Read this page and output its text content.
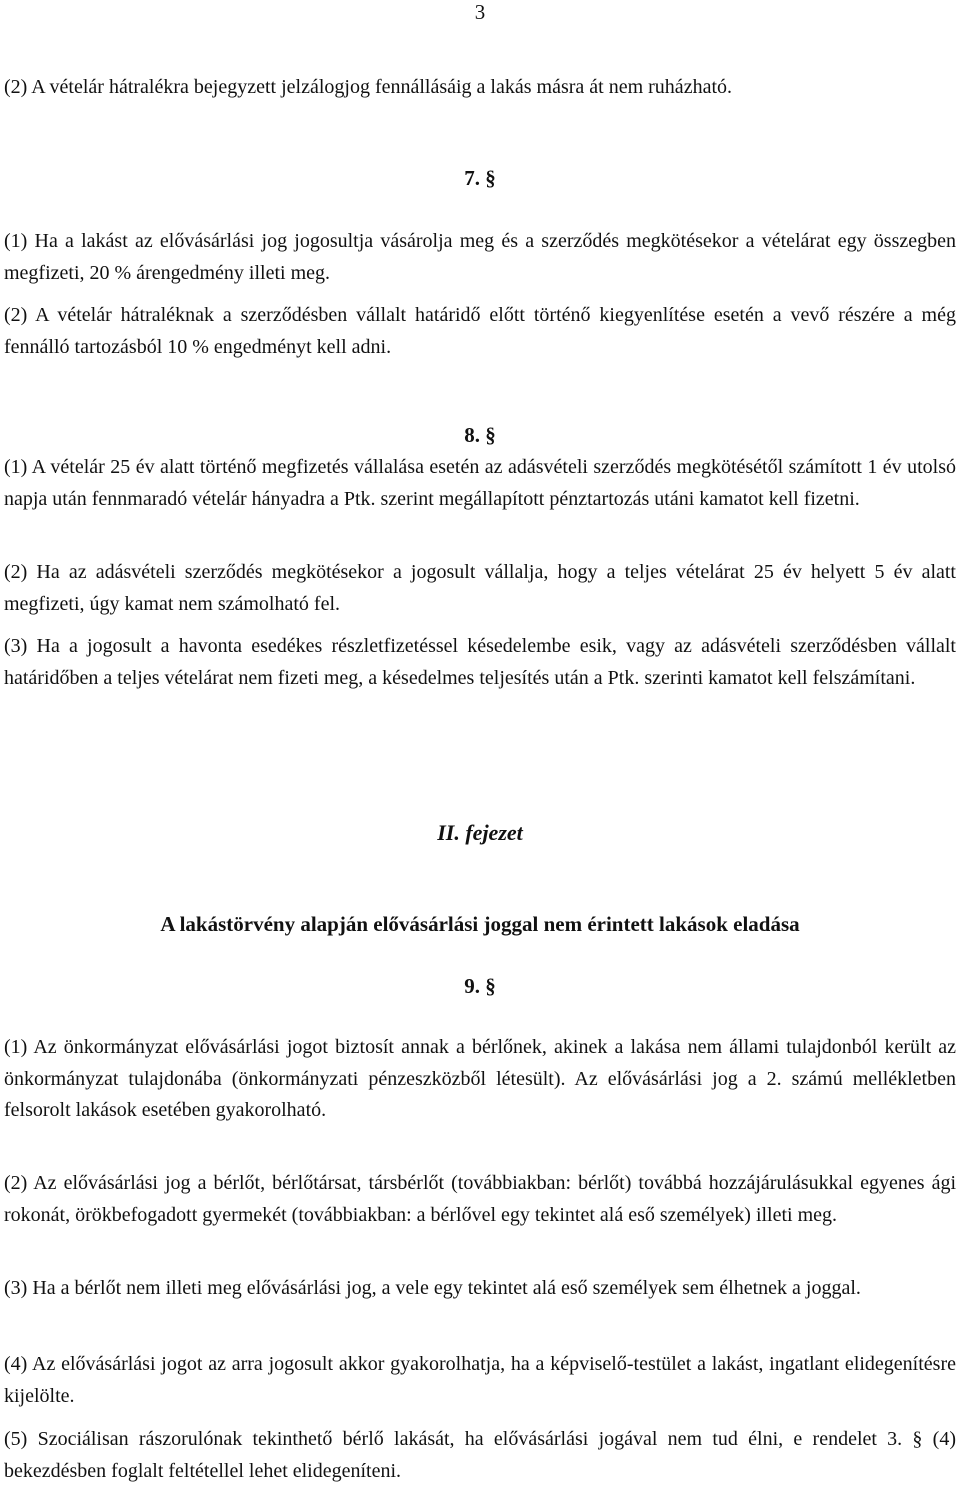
3

(2) A vételár hátralékra bejegyzett jelzálogjog fennállásáig a lakás másra át nem ruházható.

7. §

(1) Ha a lakást az elővásárlási jog jogosultja vásárolja meg és a szerződés megkötésekor a vételárat egy összegben megfizeti, 20 % árengedmény illeti meg.

(2) A vételár hátraléknak a szerződésben vállalt határidő előtt történő kiegyenlítése esetén a vevő részére a még fennálló tartozásból 10 % engedményt kell adni.

8. §

(1) A vételár 25 év alatt történő megfizetés vállalása esetén az adásvételi szerződés megkötésétől számított 1 év utolsó napja után fennmaradó vételár hányadra a Ptk. szerint megállapított pénztartozás utáni kamatot kell fizetni.

(2) Ha az adásvételi szerződés megkötésekor a jogosult vállalja, hogy a teljes vételárat 25 év helyett 5 év alatt megfizeti, úgy kamat nem számolható fel.

(3) Ha a jogosult a havonta esedékes részletfizetéssel késedelembe esik, vagy az adásvételi szerződésben vállalt határidőben a teljes vételárat nem fizeti meg, a késedelmes teljesítés után a Ptk. szerinti kamatot kell felszámítani.

II. fejezet
A lakástörvény alapján elővásárlási joggal nem érintett lakások eladása
9. §

(1) Az önkormányzat elővásárlási jogot biztosít annak a bérlőnek, akinek a lakása nem állami tulajdonból került az önkormányzat tulajdonába (önkormányzati pénzeszközből létesült). Az elővásárlási jog a 2. számú mellékletben felsorolt lakások esetében gyakorolható.

(2) Az elővásárlási jog a bérlőt, bérlőtársat, társbérlőt (továbbiakban: bérlőt) továbbá hozzájárulásukkal egyenes ági rokonát, örökbefogadott gyermekét (továbbiakban: a bérlővel egy tekintet alá eső személyek) illeti meg.

(3) Ha a bérlőt nem illeti meg elővásárlási jog, a vele egy tekintet alá eső személyek sem élhetnek a joggal.

(4) Az elővásárlási jogot az arra jogosult akkor gyakorolhatja, ha a képviselő-testület a lakást, ingatlant elidegenítésre kijelölte.

(5) Szociálisan rászorulónak tekinthető bérlő lakását, ha elővásárlási jogával nem tud élni, e rendelet 3. § (4) bekezdésben foglalt feltétellel lehet elidegeníteni.
